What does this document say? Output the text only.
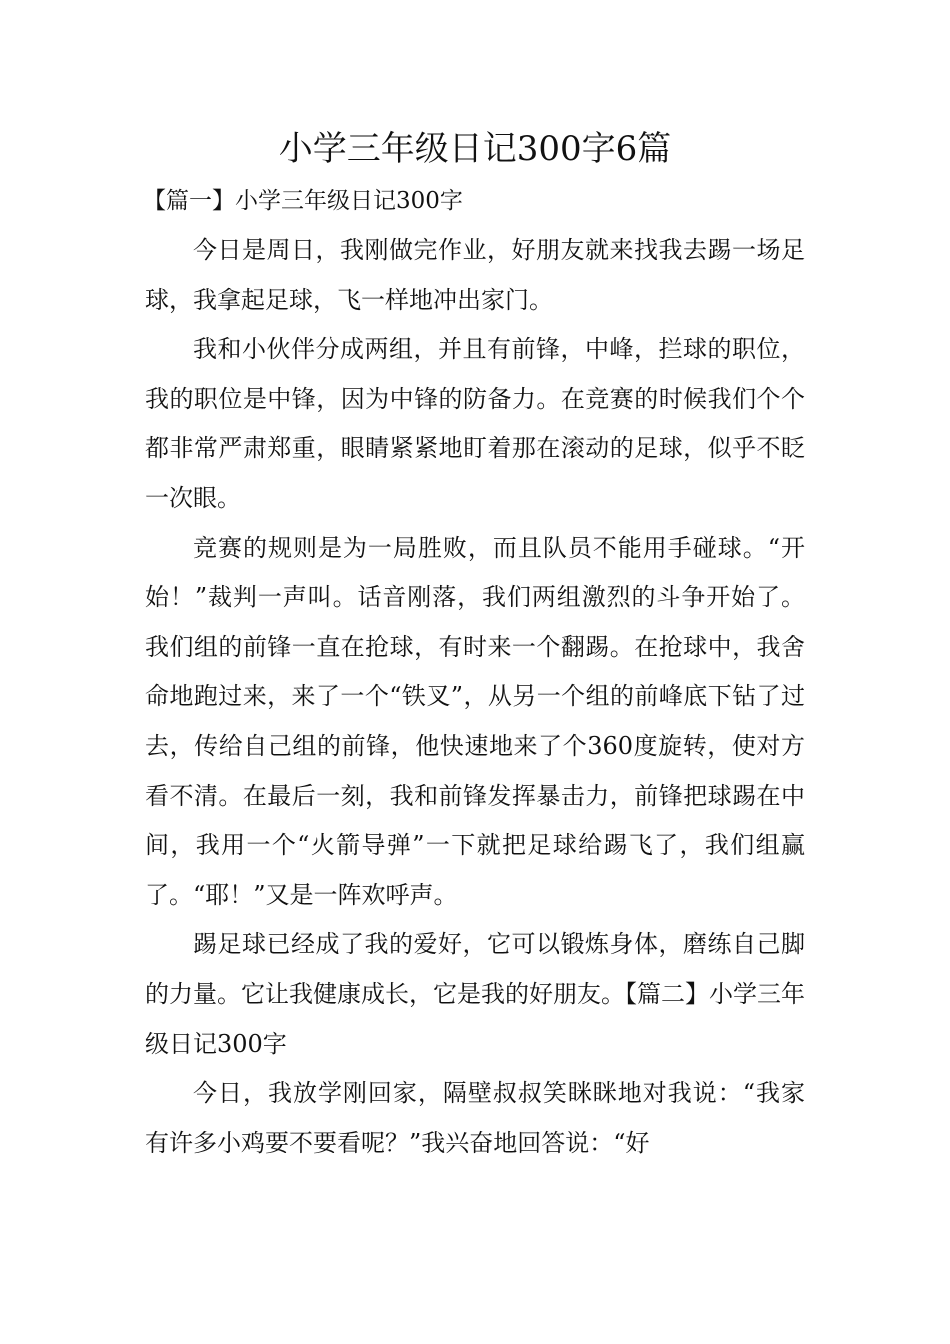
小学三年级日记300字6篇
【篇一】小学三年级日记300字

今日是周日，我刚做完作业，好朋友就来找我去踢一场足球，我拿起足球，飞一样地冲出家门。

我和小伙伴分成两组，并且有前锋，中峰，拦球的职位，我的职位是中锋，因为中锋的防备力。在竞赛的时候我们个个都非常严肃郑重，眼睛紧紧地盯着那在滚动的足球，似乎不眨一次眼。

竞赛的规则是为一局胜败，而且队员不能用手碰球。“开始！”裁判一声叫。话音刚落，我们两组激烈的斗争开始了。我们组的前锋一直在抢球，有时来一个翻踢。在抢球中，我舍命地跑过来，来了一个“铁叉”，从另一个组的前峰底下钻了过去，传给自己组的前锋，他快速地来了个360度旋转，使对方看不清。在最后一刻，我和前锋发挥暴击力，前锋把球踢在中间，我用一个“火箭导弹”一下就把足球给踢飞了，我们组赢了。“耶！”又是一阵欢呼声。

踢足球已经成了我的爱好，它可以锻炼身体，磨练自己脚的力量。它让我健康成长，它是我的好朋友。【篇二】小学三年级日记300字

今日，我放学刚回家，隔壁叔叔笑眯眯地对我说：“我家有许多小鸡要不要看呢？”我兴奋地回答说：“好
